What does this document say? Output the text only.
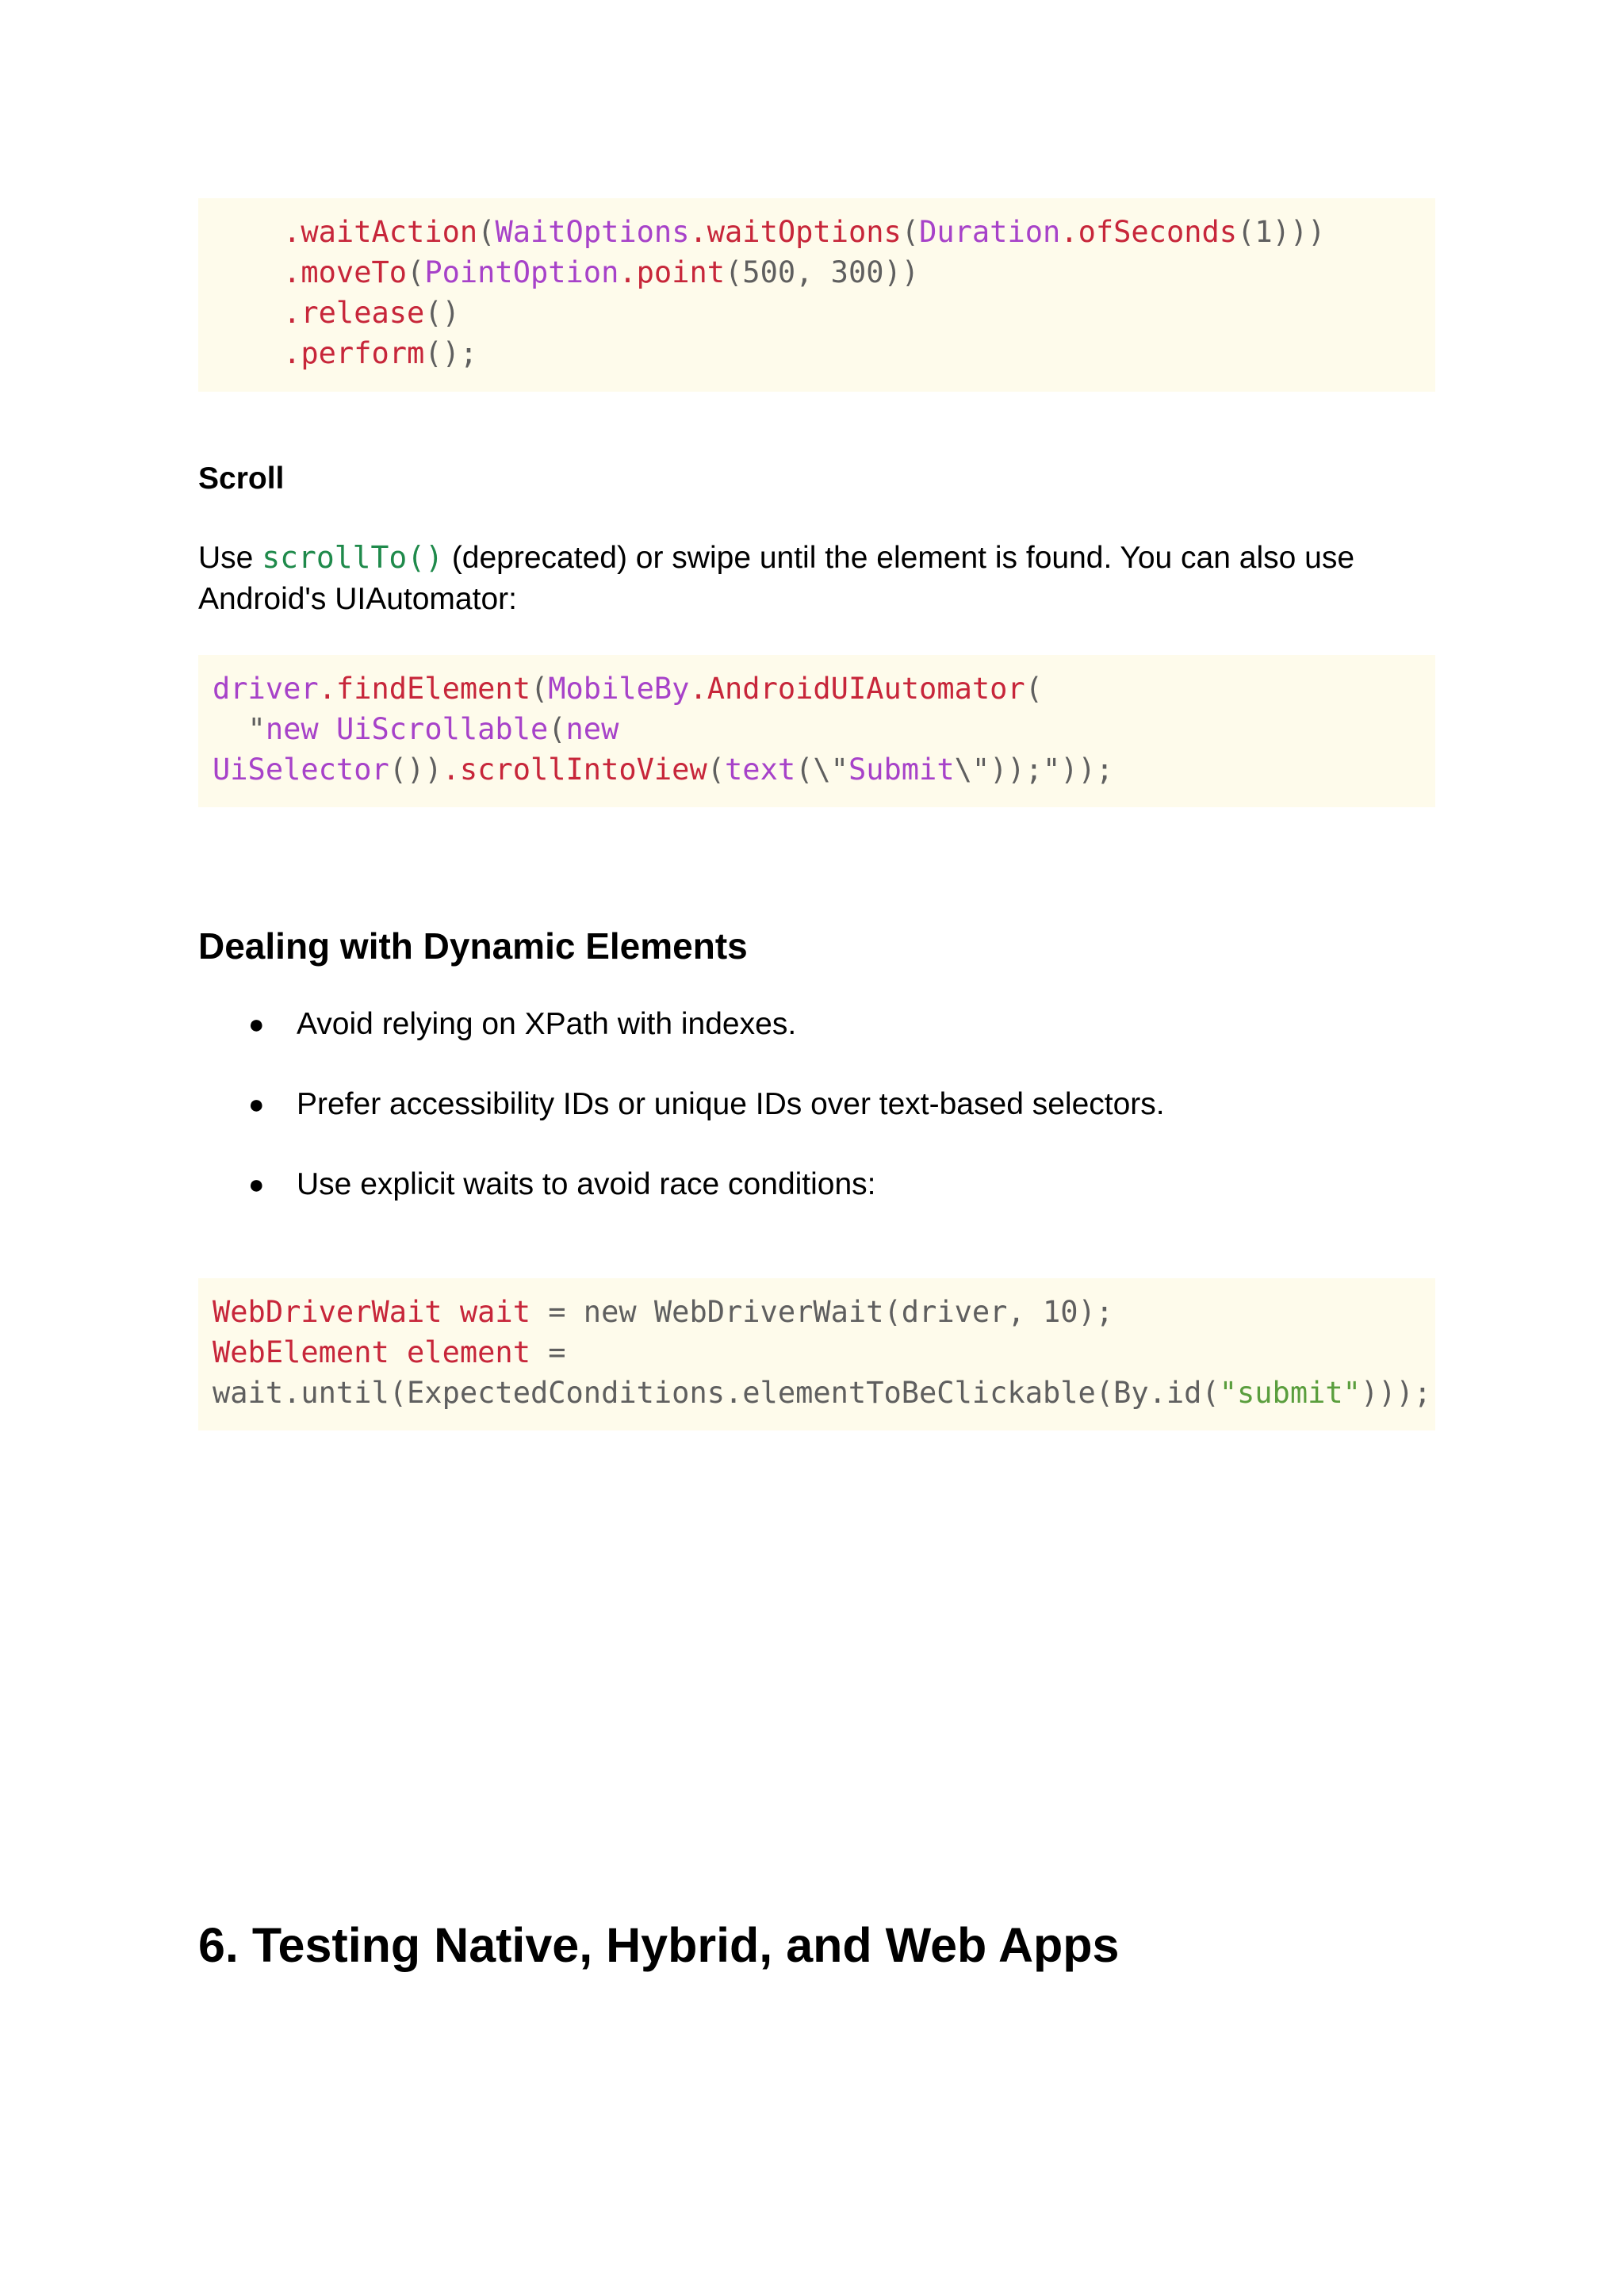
.waitAction(WaitOptions.waitOptions(Duration.ofSeconds(1)))
.moveTo(PointOption.point(500, 300))
.release()
.perform();
Scroll
Use scrollTo() (deprecated) or swipe until the element is found. You can also use Android's UIAutomator:
driver.findElement(MobileBy.AndroidUIAutomator(
"new UiScrollable(new
UiSelector()).scrollIntoView(text(\"Submit\"));"));
Dealing with Dynamic Elements
● Avoid relying on XPath with indexes.
● Prefer accessibility IDs or unique IDs over text-based selectors.
● Use explicit waits to avoid race conditions:
WebDriverWait wait = new WebDriverWait(driver, 10);
WebElement element =
wait.until(ExpectedConditions.elementToBeClickable(By.id("submit")));
6. Testing Native, Hybrid, and Web Apps
